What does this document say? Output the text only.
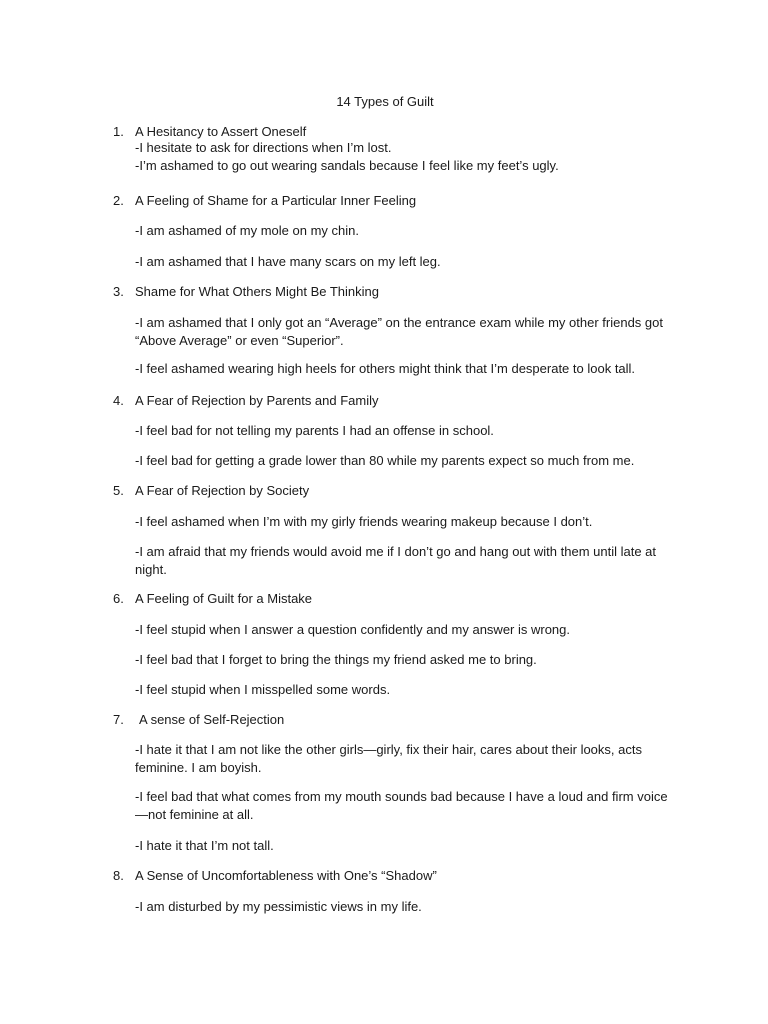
14 Types of Guilt
1. A Hesitancy to Assert Oneself
-I hesitate to ask for directions when I’m lost.
-I’m ashamed to go out wearing sandals because I feel like my feet’s ugly.
2. A Feeling of Shame for a Particular Inner Feeling
-I am ashamed of my mole on my chin.
-I am ashamed that I have many scars on my left leg.
3. Shame for What Others Might Be Thinking
-I am ashamed that I only got an “Average” on the entrance exam while my other friends got “Above Average” or even “Superior”.
-I feel ashamed wearing high heels for others might think that I’m desperate to look tall.
4. A Fear of Rejection by Parents and Family
-I feel bad for not telling my parents I had an offense in school.
-I feel bad for getting a grade lower than 80 while my parents expect so much from me.
5. A Fear of Rejection by Society
-I feel ashamed when I’m with my girly friends wearing makeup because I don’t.
-I am afraid that my friends would avoid me if I don’t go and hang out with them until late at night.
6. A Feeling of Guilt for a Mistake
-I feel stupid when I answer a question confidently and my answer is wrong.
-I feel bad that I forget to bring the things my friend asked me to bring.
-I feel stupid when I misspelled some words.
7. A sense of Self-Rejection
-I hate it that I am not like the other girls—girly, fix their hair, cares about their looks, acts feminine. I am boyish.
-I feel bad that what comes from my mouth sounds bad because I have a loud and firm voice—not feminine at all.
-I hate it that I’m not tall.
8. A Sense of Uncomfortableness with One’s “Shadow”
-I am disturbed by my pessimistic views in my life.
